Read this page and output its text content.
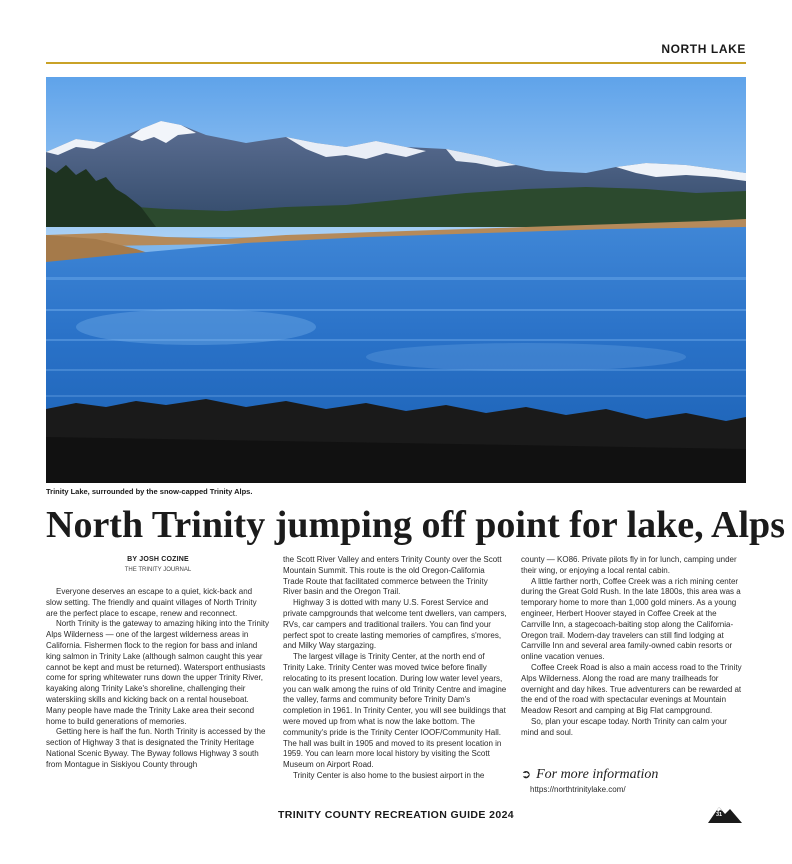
NORTH LAKE
Trinity Lake, surrounded by the snow-capped Trinity Alps.
North Trinity jumping off point for lake, Alps
BY JOSH COZINE
THE TRINITY JOURNAL

Everyone deserves an escape to a quiet, kick-back and slow setting. The friendly and quaint villages of North Trinity are the perfect place to escape, renew and reconnect.

North Trinity is the gateway to amazing hiking into the Trinity Alps Wilderness — one of the largest wilderness areas in California. Fishermen flock to the region for bass and inland king salmon in Trinity Lake (although salmon caught this year cannot be kept and must be returned). Watersport enthusiasts come for spring whitewater runs down the upper Trinity River, kayaking along Trinity Lake's shoreline, challenging their waterskiing skills and kicking back on a rental houseboat. Many people have made the Trinity Lake area their second home to build generations of memories.

Getting here is half the fun. North Trinity is accessed by the section of Highway 3 that is designated the Trinity Heritage National Scenic Byway. The Byway follows Highway 3 south from Montague in Siskiyou County through

the Scott River Valley and enters Trinity County over the Scott Mountain Summit. This route is the old Oregon-California Trade Route that facilitated commerce between the Trinity River basin and the Oregon Trail.

Highway 3 is dotted with many U.S. Forest Service and private campgrounds that welcome tent dwellers, van campers, RVs, car campers and traditional trailers. You can find your perfect spot to create lasting memories of campfires, s'mores, and Milky Way stargazing.

The largest village is Trinity Center, at the north end of Trinity Lake. Trinity Center was moved twice before finally relocating to its present location. During low water level years, you can walk among the ruins of old Trinity Centre and imagine the valley, farms and community before Trinity Dam's completion in 1961. In Trinity Center, you will see buildings that were moved up from what is now the lake bottom. The community's pride is the Trinity Center IOOF/Community Hall. The hall was built in 1905 and moved to its present location in 1959. You can learn more local history by visiting the Scott Museum on Airport Road.

Trinity Center is also home to the busiest airport in the

county — KO86. Private pilots fly in for lunch, camping under their wing, or enjoying a local rental cabin.

A little farther north, Coffee Creek was a rich mining center during the Great Gold Rush. In the late 1800s, this area was a temporary home to more than 1,000 gold miners. As a young engineer, Herbert Hoover stayed in Coffee Creek at the Carrville Inn, a stagecoach-baiting stop along the California-Oregon trail. Modern-day travelers can still find lodging at Carrville Inn and several area family-owned cabin resorts or online vacation venues.

Coffee Creek Road is also a main access road to the Trinity Alps Wilderness. Along the road are many trailheads for overnight and day hikes. True adventurers can be rewarded at the end of the road with spectacular evenings at Mountain Meadow Resort and camping at Big Flat campground.

So, plan your escape today. North Trinity can calm your mind and soul.

➲ For more information
https://northtrinitylake.com/
TRINITY COUNTY RECREATION GUIDE 2024	31
